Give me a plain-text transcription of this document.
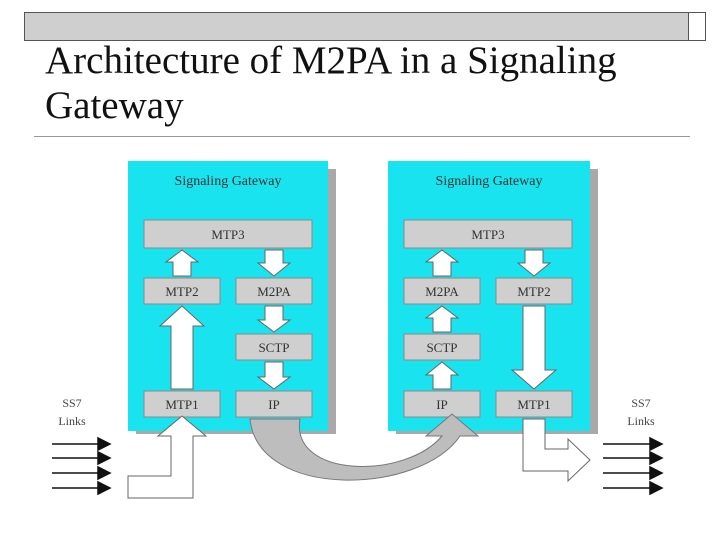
Architecture of M2PA in a Signaling
Gateway
Signaling Gateway
MTP3
MTP2	M2PA
SCTP
MTP1	IP
Signaling Gateway
MTP3
M2PA	MTP2
SCTP
IP	MTP1
SS7
Links
SS7
Links
